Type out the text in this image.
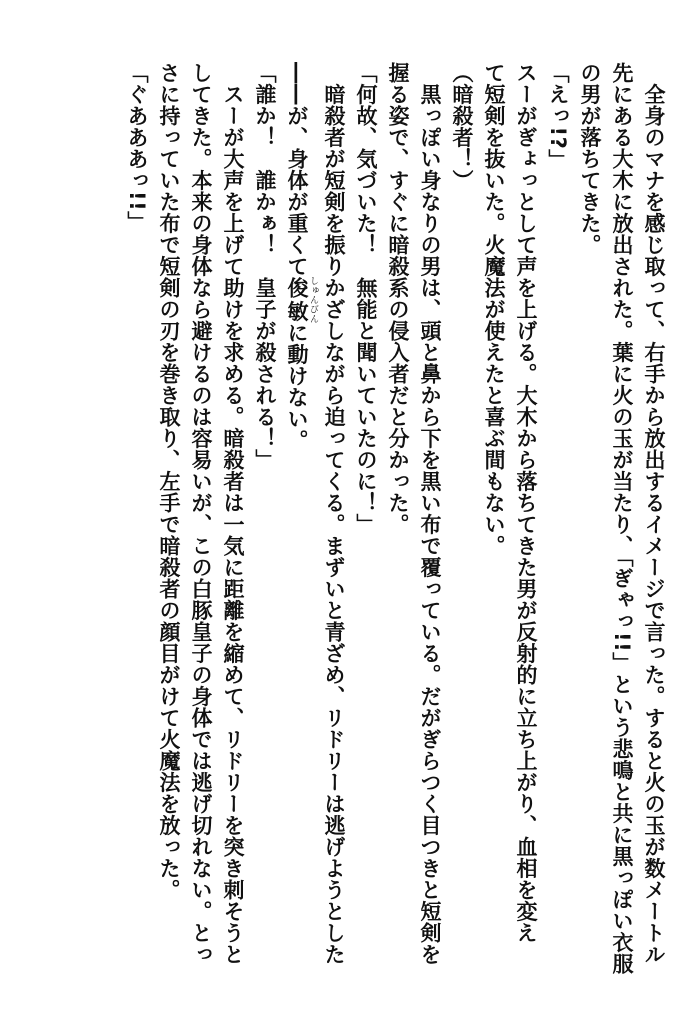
　全身のマナを感じ取って、右手から放出するイメージで言った。すると火の玉が数メートル
先にある大木に放出された。葉に火の玉が当たり、「ぎゃっ!!」という悲鳴と共に黒っぽい衣服
の男が落ちてきた。
「えっ!?」
スーがぎょっとして声を上げる。大木から落ちてきた男が反射的に立ち上がり、血相を変え
て短剣を抜いた。火魔法が使えたと喜ぶ間もない。
（暗殺者！）
　黒っぽい身なりの男は、頭と鼻から下を黒い布で覆っている。だがぎらつく目つきと短剣を
握る姿で、すぐに暗殺系の侵入者だと分かった。
「何故、気づいた！　無能と聞いていたのに！」
　暗殺者が短剣を振りかざしながら迫ってくる。まずいと青ざめ、リドリーは逃げようとした
――が、身体が重くて俊敏 しゅんびんに動けない。
「誰か！　誰かぁ！　皇子が殺される！」
　スーが大声を上げて助けを求める。暗殺者は一気に距離を縮めて、リドリーを突き刺そうと
してきた。本来の身体なら避けるのは容易いが、この白豚皇子の身体では逃げ切れない。とっ
さに持っていた布で短剣の刃を巻き取り、左手で暗殺者の顔目がけて火魔法を放った。
「ぐあああっ!!」
